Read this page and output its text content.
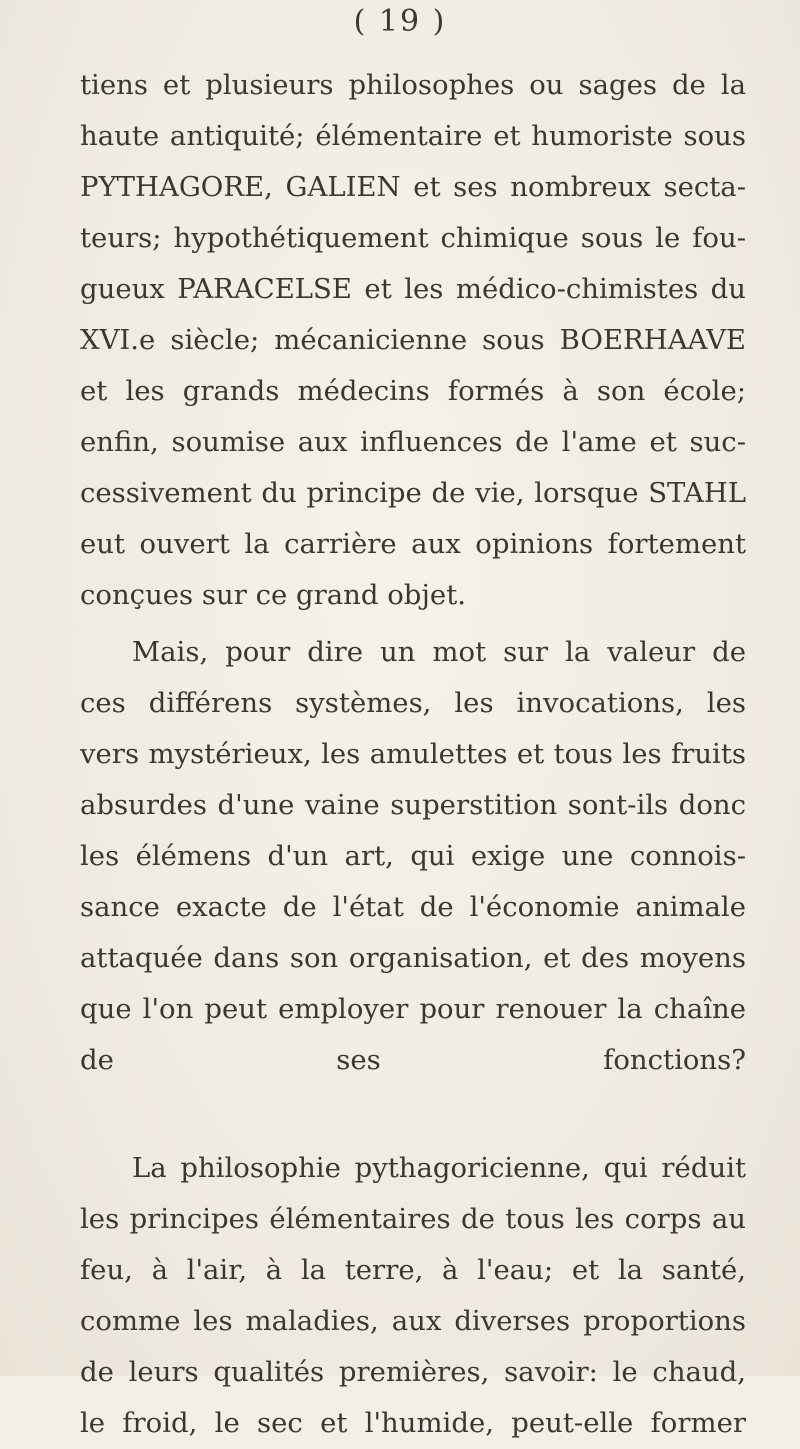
( 19 )
tiens et plusieurs philosophes ou sages de la
haute antiquité; élémentaire et humoriste sous
PYTHAGORE, GALIEN et ses nombreux secta-
teurs; hypothétiquement chimique sous le fou-
gueux PARACELSE et les médico-chimistes du
XVI.e siècle; mécanicienne sous BOERHAAVE
et les grands médecins formés à son école;
enfin, soumise aux influences de l'ame et suc-
cessivement du principe de vie, lorsque STAHL
eut ouvert la carrière aux opinions fortement
conçues sur ce grand objet.
Mais, pour dire un mot sur la valeur de
ces différens systèmes, les invocations, les
vers mystérieux, les amulettes et tous les fruits
absurdes d'une vaine superstition sont-ils donc
les élémens d'un art, qui exige une connois-
sance exacte de l'état de l'économie animale
attaquée dans son organisation, et des moyens
que l'on peut employer pour renouer la chaîne
de ses fonctions?
La philosophie pythagoricienne, qui réduit
les principes élémentaires de tous les corps au
feu, à l'air, à la terre, à l'eau; et la santé,
comme les maladies, aux diverses proportions
de leurs qualités premières, savoir: le chaud,
le froid, le sec et l'humide, peut-elle former
